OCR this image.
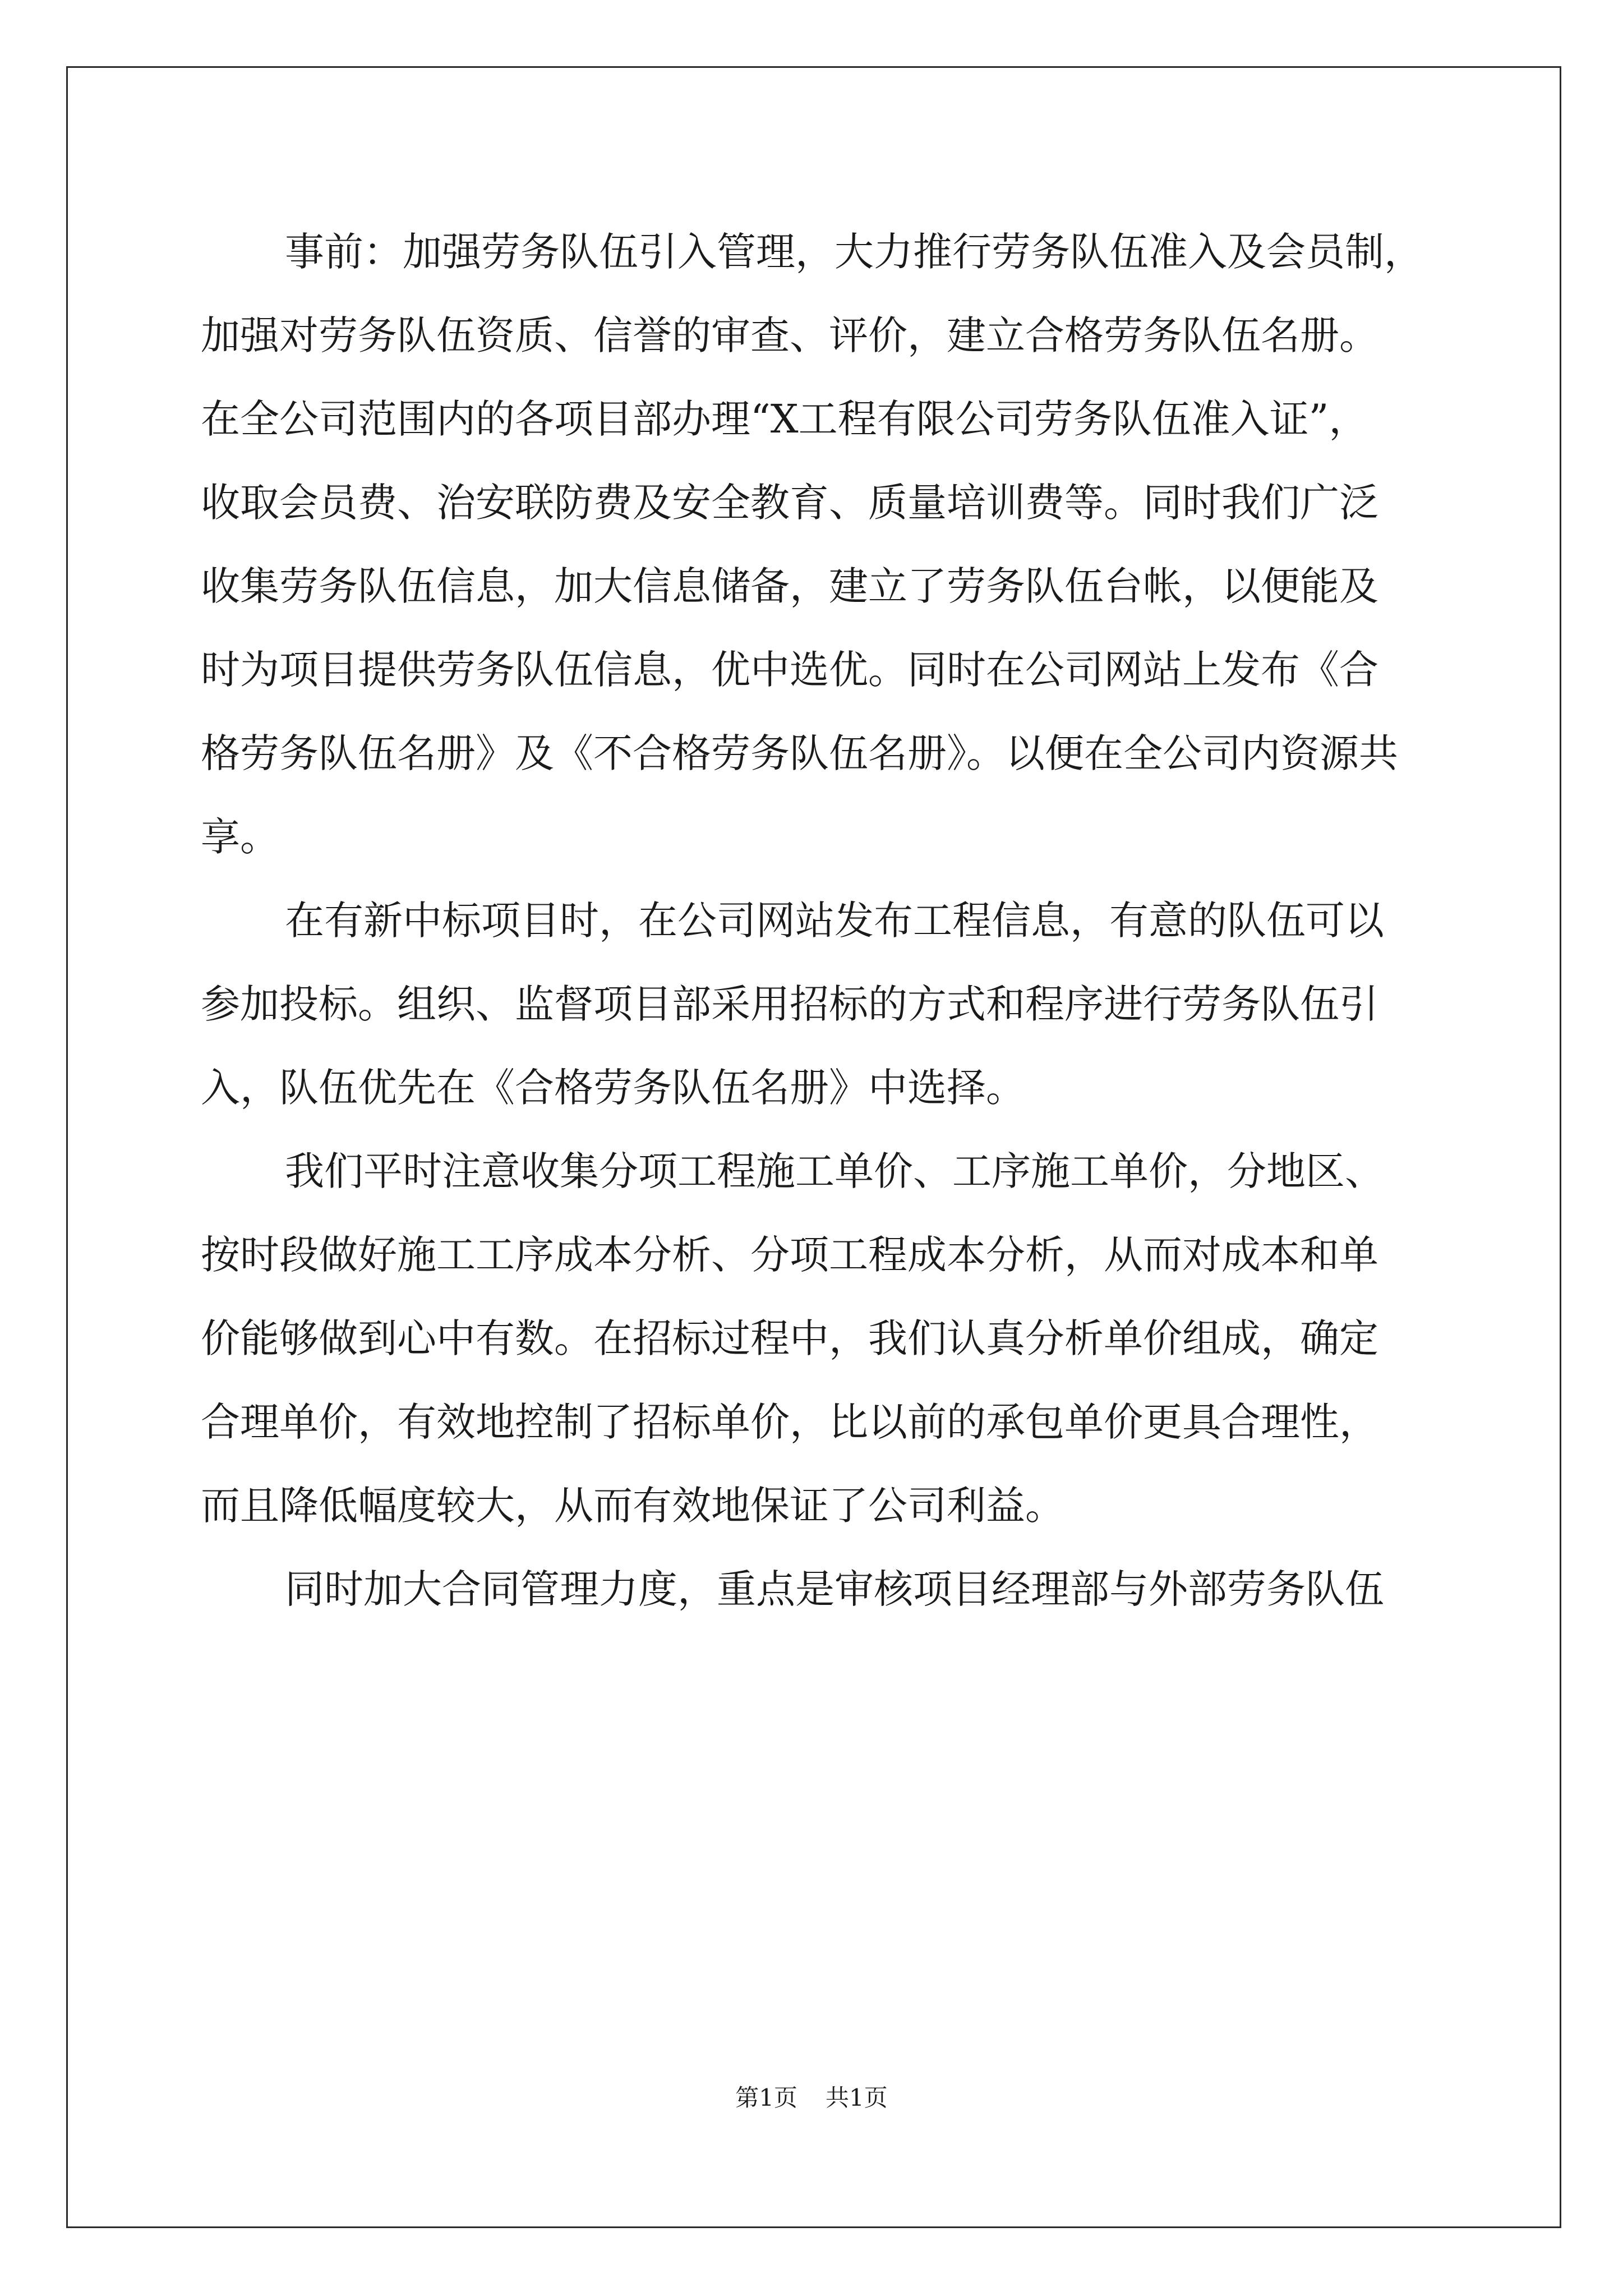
事前：加强劳务队伍引入管理，大力推行劳务队伍准入及会员制，
加强对劳务队伍资质、信誉的审查、评价，建立合格劳务队伍名册。
在全公司范围内的各项目部办理“X工程有限公司劳务队伍准入证”，
收取会员费、治安联防费及安全教育、质量培训费等。同时我们广泛
收集劳务队伍信息，加大信息储备，建立了劳务队伍台帐，以便能及
时为项目提供劳务队伍信息，优中选优。同时在公司网站上发布《合
格劳务队伍名册》及《不合格劳务队伍名册》。以便在全公司内资源共
享。
在有新中标项目时，在公司网站发布工程信息，有意的队伍可以
参加投标。组织、监督项目部采用招标的方式和程序进行劳务队伍引
入，队伍优先在《合格劳务队伍名册》中选择。
我们平时注意收集分项工程施工单价、工序施工单价，分地区、
按时段做好施工工序成本分析、分项工程成本分析，从而对成本和单
价能够做到心中有数。在招标过程中，我们认真分析单价组成，确定
合理单价，有效地控制了招标单价，比以前的承包单价更具合理性，
而且降低幅度较大，从而有效地保证了公司利益。
同时加大合同管理力度，重点是审核项目经理部与外部劳务队伍
第1页 共1页
